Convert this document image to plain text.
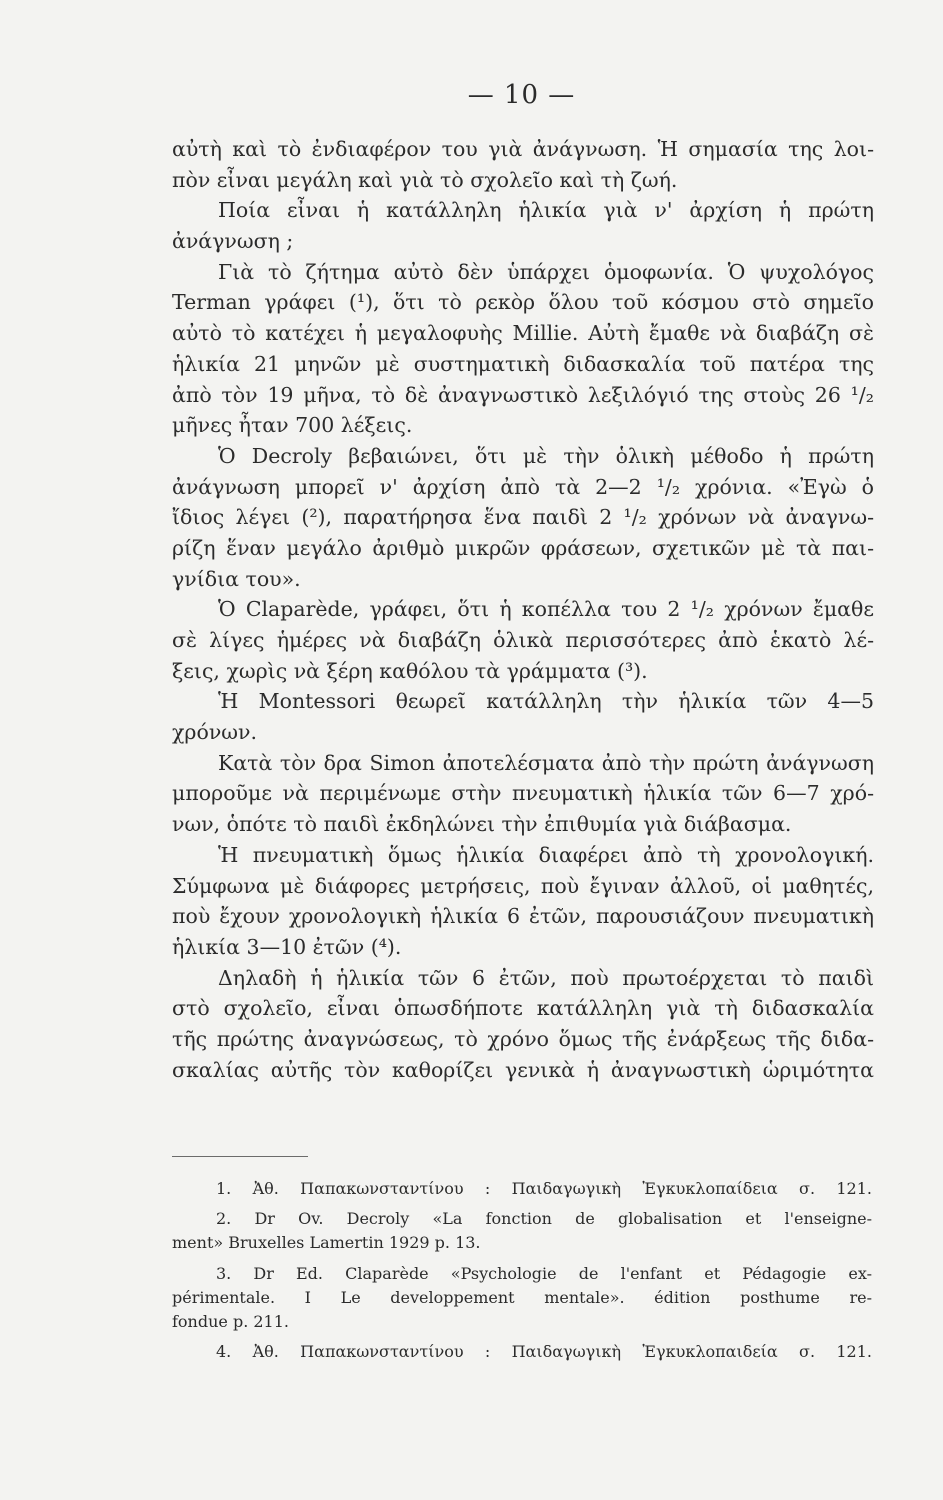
— 10 —
αὐτὴ καὶ τὸ ἐνδιαφέρον του γιὰ ἀνάγνωση. Ἡ σημασία της λοι-
πὸν εἶναι μεγάλη καὶ γιὰ τὸ σχολεῖο καὶ τὴ ζωή.
Ποία εἶναι ἡ κατάλληλη ἡλικία γιὰ ν' ἀρχίση ἡ πρώτη
ἀνάγνωση ;
Γιὰ τὸ ζήτημα αὐτὸ δὲν ὑπάρχει ὁμοφωνία. Ὁ ψυχολόγος
Terman γράφει (¹), ὅτι τὸ ρεκὸρ ὅλου τοῦ κόσμου στὸ σημεῖο
αὐτὸ τὸ κατέχει ἡ μεγαλοφυὴς Millie. Αὐτὴ ἔμαθε νὰ διαβάζη σὲ
ἡλικία 21 μηνῶν μὲ συστηματικὴ διδασκαλία τοῦ πατέρα της
ἀπὸ τὸν 19 μῆνα, τὸ δὲ ἀναγνωστικὸ λεξιλόγιό της στοὺς 26 ¹/₂
μῆνες ἦταν 700 λέξεις.
Ὁ Decroly βεβαιώνει, ὅτι μὲ τὴν ὁλικὴ μέθοδο ἡ πρώτη
ἀνάγνωση μπορεῖ ν' ἀρχίση ἀπὸ τὰ 2—2 ¹/₂ χρόνια. «Ἐγὼ ὁ
ἴδιος λέγει (²), παρατήρησα ἕνα παιδὶ 2 ¹/₂ χρόνων νὰ ἀναγνω-
ρίζη ἕναν μεγάλο ἀριθμὸ μικρῶν φράσεων, σχετικῶν μὲ τὰ παι-
γνίδια του».
Ὁ Claparède, γράφει, ὅτι ἡ κοπέλλα του 2 ¹/₂ χρόνων ἔμαθε
σὲ λίγες ἡμέρες νὰ διαβάζη ὁλικὰ περισσότερες ἀπὸ ἑκατὸ λέ-
ξεις, χωρὶς νὰ ξέρη καθόλου τὰ γράμματα (³).
Ἡ Montessori θεωρεῖ κατάλληλη τὴν ἡλικία τῶν 4—5
χρόνων.
Κατὰ τὸν δρα Simon ἀποτελέσματα ἀπὸ τὴν πρώτη ἀνάγνωση
μποροῦμε νὰ περιμένωμε στὴν πνευματικὴ ἡλικία τῶν 6—7 χρό-
νων, ὁπότε τὸ παιδὶ ἐκδηλώνει τὴν ἐπιθυμία γιὰ διάβασμα.
Ἡ πνευματικὴ ὅμως ἡλικία διαφέρει ἀπὸ τὴ χρονολογική.
Σύμφωνα μὲ διάφορες μετρήσεις, ποὺ ἔγιναν ἀλλοῦ, οἱ μαθητές,
ποὺ ἔχουν χρονολογικὴ ἡλικία 6 ἐτῶν, παρουσιάζουν πνευματικὴ
ἡλικία 3—10 ἐτῶν (⁴).
Δηλαδὴ ἡ ἡλικία τῶν 6 ἐτῶν, ποὺ πρωτοέρχεται τὸ παιδὶ
στὸ σχολεῖο, εἶναι ὁπωσδήποτε κατάλληλη γιὰ τὴ διδασκαλία
τῆς πρώτης ἀναγνώσεως, τὸ χρόνο ὅμως τῆς ἐνάρξεως τῆς διδα-
σκαλίας αὐτῆς τὸν καθορίζει γενικὰ ἡ ἀναγνωστικὴ ὡριμότητα
1. Ἀθ. Παπακωνσταντίνου : Παιδαγωγικὴ Ἐγκυκλοπαίδεια σ. 121.
2. Dr Ov. Decroly «La fonction de globalisation et l'enseigne-
ment» Bruxelles Lamertin 1929 p. 13.
3. Dr Ed. Claparède «Psychologie de l'enfant et Pédagogie ex-
périmentale. I Le developpement mentale». édition posthume re-
fondue p. 211.
4. Ἀθ. Παπακωνσταντίνου : Παιδαγωγικὴ Ἐγκυκλοπαιδεία σ. 121.
